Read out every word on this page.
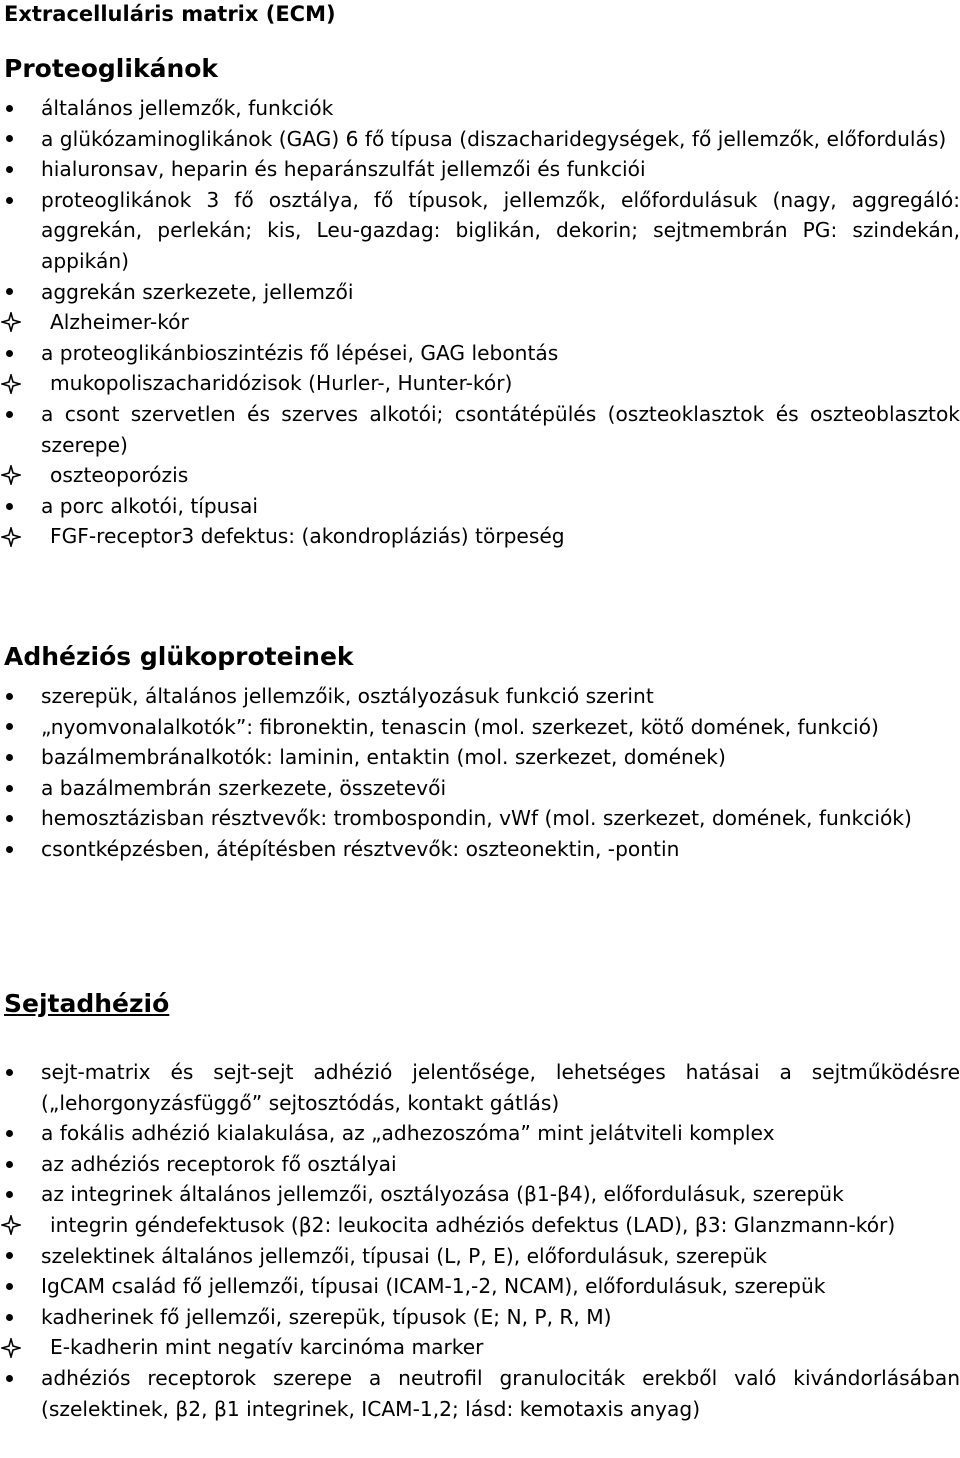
Extracelluláris matrix (ECM)
Proteoglikánok
általános jellemzők, funkciók
a glükózaminoglikánok (GAG) 6 fő típusa (diszacharidegységek, fő jellemzők, előfordulás)
hialuronsav, heparin és heparánszulfát jellemzői és funkciói
proteoglikánok 3 fő osztálya, fő típusok, jellemzők, előfordulásuk (nagy, aggregáló: aggrekán, perlekán; kis, Leu-gazdag: biglikán, dekorin; sejtmembrán PG: szindekán, appikán)
aggrekán szerkezete, jellemzői
Alzheimer-kór
a proteoglikánbioszintézis fő lépései, GAG lebontás
mukopoliszacharidózisok (Hurler-, Hunter-kór)
a csont szervetlen és szerves alkotói; csontátépülés (oszteoklasztok és oszteoblasztok szerepe)
oszteoporózis
a porc alkotói, típusai
FGF-receptor3 defektus: (akondropláziás) törpeség
Adhéziós glükoproteinek
szerepük, általános jellemzőik, osztályozásuk funkció szerint
„nyomvonalalkotók”: fibronektin, tenascin (mol. szerkezet, kötő domének, funkció)
bazálmembránalkotók: laminin, entaktin (mol. szerkezet, domének)
a bazálmembrán szerkezete, összetevői
hemosztázisban résztvevők: trombospondin, vWf (mol. szerkezet, domének, funkciók)
csontképzésben, átépítésben résztvevők: oszteonektin, -pontin
Sejtadhézió
sejt-matrix és sejt-sejt adhézió jelentősége, lehetséges hatásai a sejtműködésre („lehorgonyzásfüggő” sejtosztódás, kontakt gátlás)
a fokális adhézió kialakulása, az „adhezoszóma” mint jelátviteli komplex
az adhéziós receptorok fő osztályai
az integrinek általános jellemzői, osztályozása (β1-β4), előfordulásuk, szerepük
integrin géndefektusok (β2: leukocita adhéziós defektus (LAD), β3: Glanzmann-kór)
szelektinek általános jellemzői, típusai (L, P, E), előfordulásuk, szerepük
IgCAM család fő jellemzői, típusai (ICAM-1,-2, NCAM), előfordulásuk, szerepük
kadherinek fő jellemzői, szerepük, típusok (E; N, P, R, M)
E-kadherin mint negatív karcinóma marker
adhéziós receptorok szerepe a neutrofil granulociták erekből való kivándorlásában (szelektinek, β2, β1 integrinek, ICAM-1,2; lásd: kemotaxis anyag)
